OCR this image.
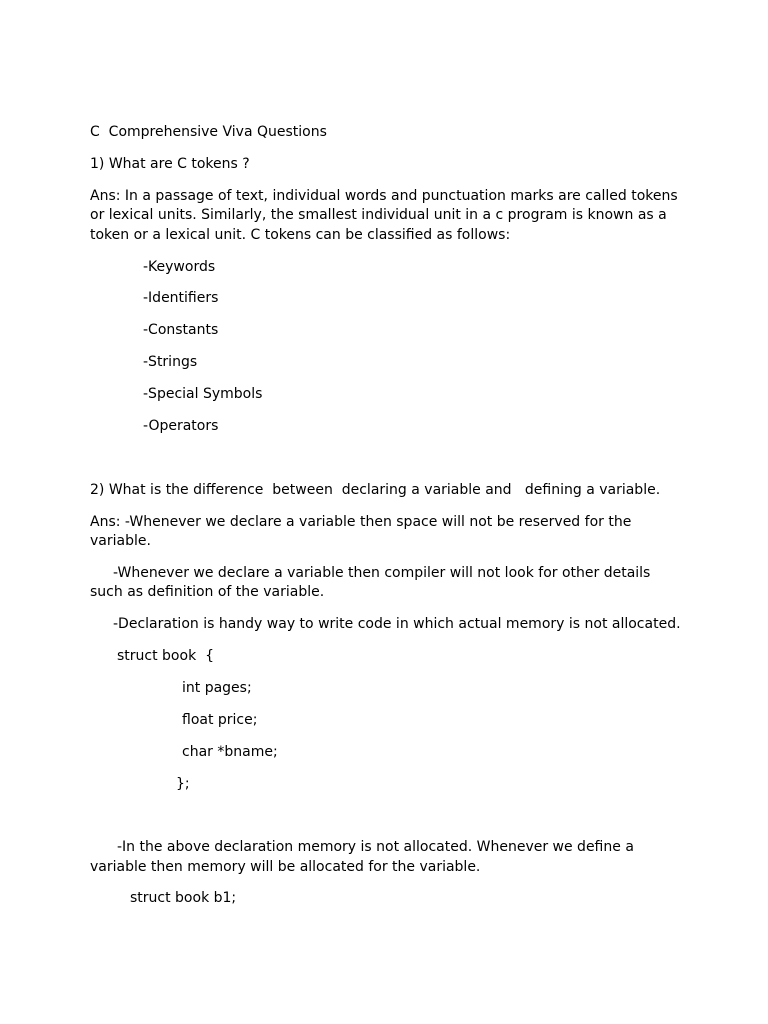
C  Comprehensive Viva Questions

1) What are C tokens ?

Ans: In a passage of text, individual words and punctuation marks are called tokens

or lexical units. Similarly, the smallest individual unit in a c program is known as a

token or a lexical unit. C tokens can be classified as follows:

-Keywords

-Identifiers

-Constants

-Strings

-Special Symbols

-Operators

2) What is the difference  between  declaring a variable and   defining a variable.

Ans: -Whenever we declare a variable then space will not be reserved for the

variable.

-Whenever we declare a variable then compiler will not look for other details

such as definition of the variable.

-Declaration is handy way to write code in which actual memory is not allocated.

struct book  {

int pages;

float price;

char *bname;

};

-In the above declaration memory is not allocated. Whenever we define a

variable then memory will be allocated for the variable.

struct book b1;
